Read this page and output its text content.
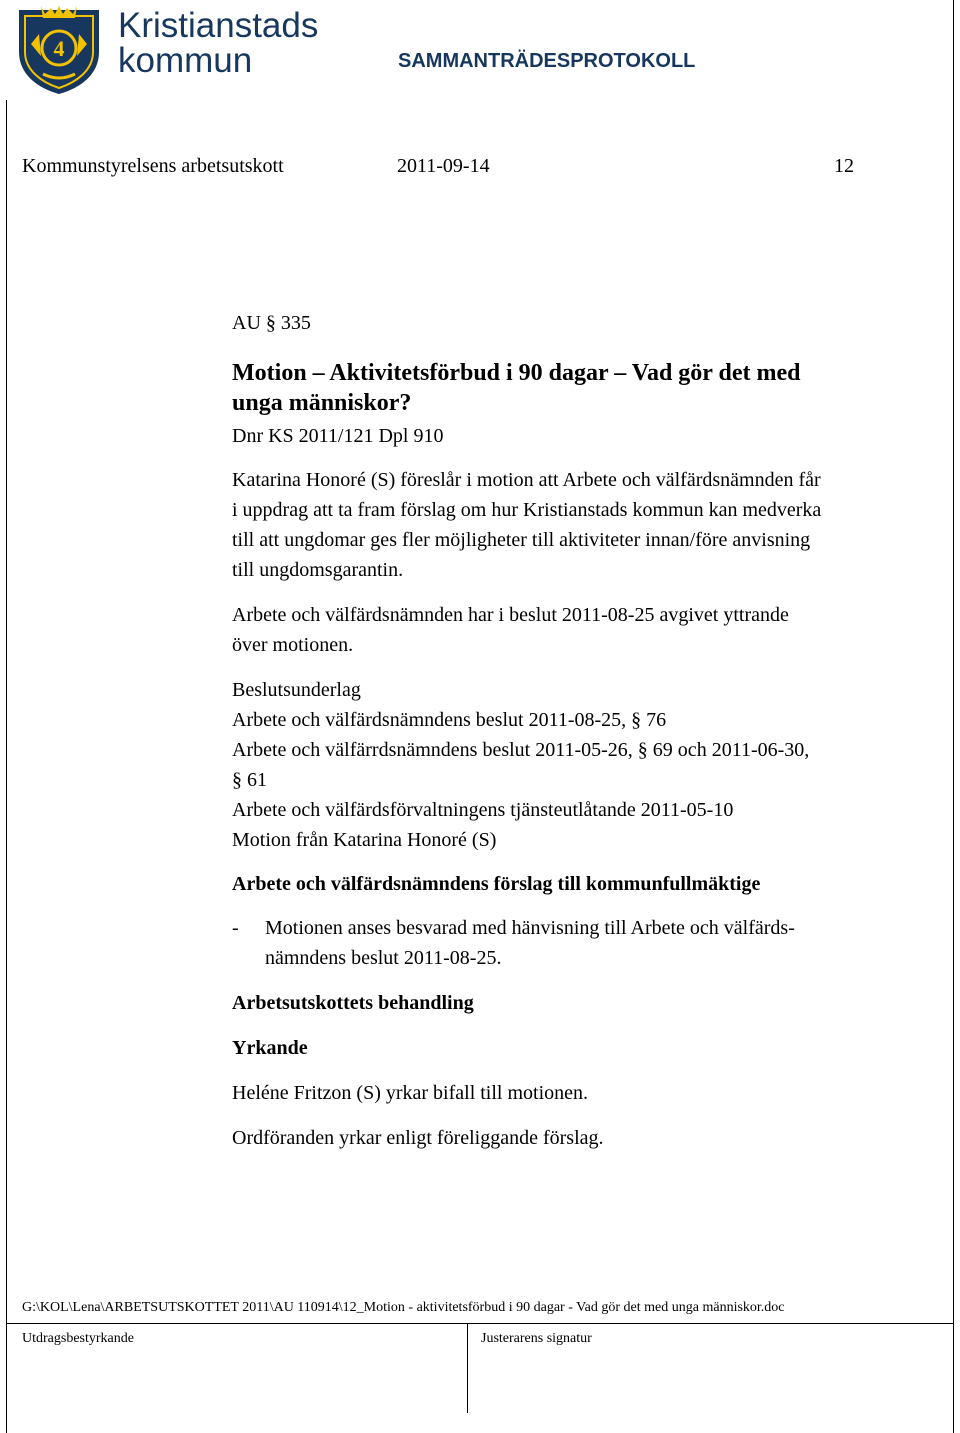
4
Kristianstads
kommun	SAMMANTRÄDESPROTOKOLL
Kommunstyrelsens arbetsutskott	2011-09-14	12
AU § 335
Motion – Aktivitetsförbud i 90 dagar – Vad gör det med
unga människor?
Dnr KS 2011/121 Dpl 910
Katarina Honoré (S) föreslår i motion att Arbete och välfärdsnämnden får
i uppdrag att ta fram förslag om hur Kristianstads kommun kan medverka
till att ungdomar ges fler möjligheter till aktiviteter innan/före anvisning
till ungdomsgarantin.
Arbete och välfärdsnämnden har i beslut 2011-08-25 avgivet yttrande
över motionen.
Beslutsunderlag
Arbete och välfärdsnämndens beslut 2011-08-25, § 76
Arbete och välfärrdsnämndens beslut 2011-05-26, § 69 och 2011-06-30,
§ 61
Arbete och välfärdsförvaltningens tjänsteutlåtande 2011-05-10
Motion från Katarina Honoré (S)
Arbete och välfärdsnämndens förslag till kommunfullmäktige
-	Motionen anses besvarad med hänvisning till Arbete och välfärds-
nämndens beslut 2011-08-25.
Arbetsutskottets behandling
Yrkande
Heléne Fritzon (S) yrkar bifall till motionen.
Ordföranden yrkar enligt föreliggande förslag.
G:\KOL\Lena\ARBETSUTSKOTTET 2011\AU 110914\12_Motion - aktivitetsförbud i 90 dagar - Vad gör det med unga människor.doc
Utdragsbestyrkande	Justerarens signatur
